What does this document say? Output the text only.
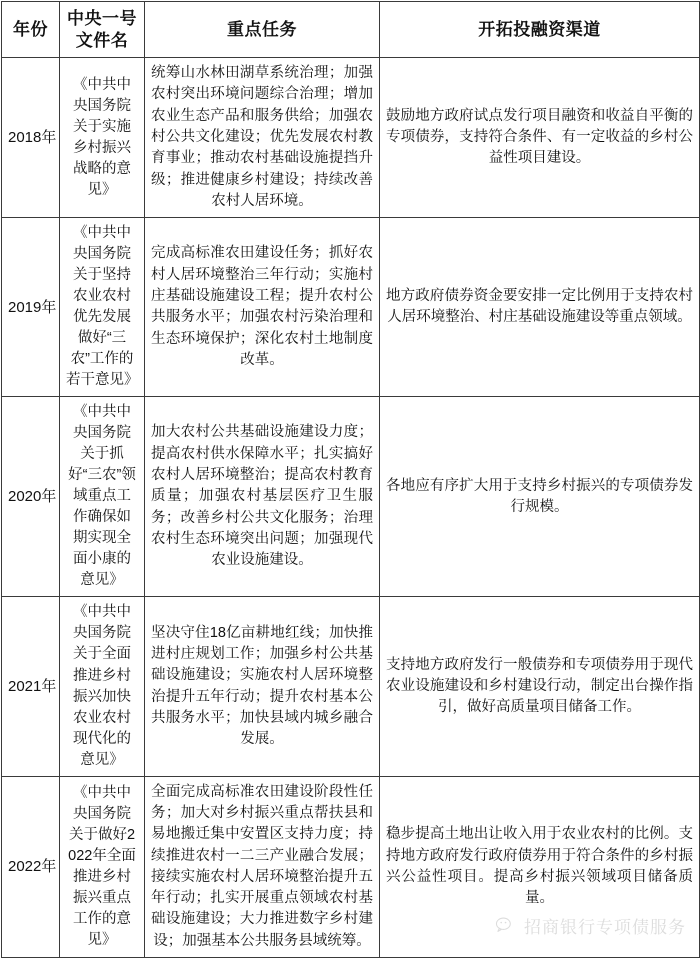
年份	中央一号文件名	重点任务	开拓投融资渠道
2018年	《中共中央国务院关于实施乡村振兴战略的意见》	统筹山水林田湖草系统治理；加强农村突出环境问题综合治理；增加农业生态产品和服务供给；加强农村公共文化建设；优先发展农村教育事业；推动农村基础设施提挡升级；推进健康乡村建设；持续改善农村人居环境。	鼓励地方政府试点发行项目融资和收益自平衡的专项债券，支持符合条件、有一定收益的乡村公益性项目建设。
2019年	《中共中央国务院关于坚持农业农村优先发展做好“三农”工作的若干意见》	完成高标准农田建设任务；抓好农村人居环境整治三年行动；实施村庄基础设施建设工程；提升农村公共服务水平；加强农村污染治理和生态环境保护；深化农村土地制度改革。	地方政府债券资金要安排一定比例用于支持农村人居环境整治、村庄基础设施建设等重点领域。
2020年	《中共中央国务院关于抓好“三农”领域重点工作确保如期实现全面小康的意见》	加大农村公共基础设施建设力度；提高农村供水保障水平；扎实搞好农村人居环境整治；提高农村教育质量；加强农村基层医疗卫生服务；改善乡村公共文化服务；治理农村生态环境突出问题；加强现代农业设施建设。	各地应有序扩大用于支持乡村振兴的专项债券发行规模。
2021年	《中共中央国务院关于全面推进乡村振兴加快农业农村现代化的意见》	坚决守住18亿亩耕地红线；加快推进村庄规划工作；加强乡村公共基础设施建设；实施农村人居环境整治提升五年行动；提升农村基本公共服务水平；加快县域内城乡融合发展。	支持地方政府发行一般债券和专项债券用于现代农业设施建设和乡村建设行动，制定出台操作指引，做好高质量项目储备工作。
2022年	《中共中央国务院关于做好2022年全面推进乡村振兴重点工作的意见》	全面完成高标准农田建设阶段性任务；加大对乡村振兴重点帮扶县和易地搬迁集中安置区支持力度；持续推进农村一二三产业融合发展；接续实施农村人居环境整治提升五年行动；扎实开展重点领域农村基础设施建设；大力推进数字乡村建设；加强基本公共服务县域统筹。	稳步提高土地出让收入用于农业农村的比例。支持地方政府发行政府债券用于符合条件的乡村振兴公益性项目。提高乡村振兴领域项目储备质量。
招商银行专项债服务
